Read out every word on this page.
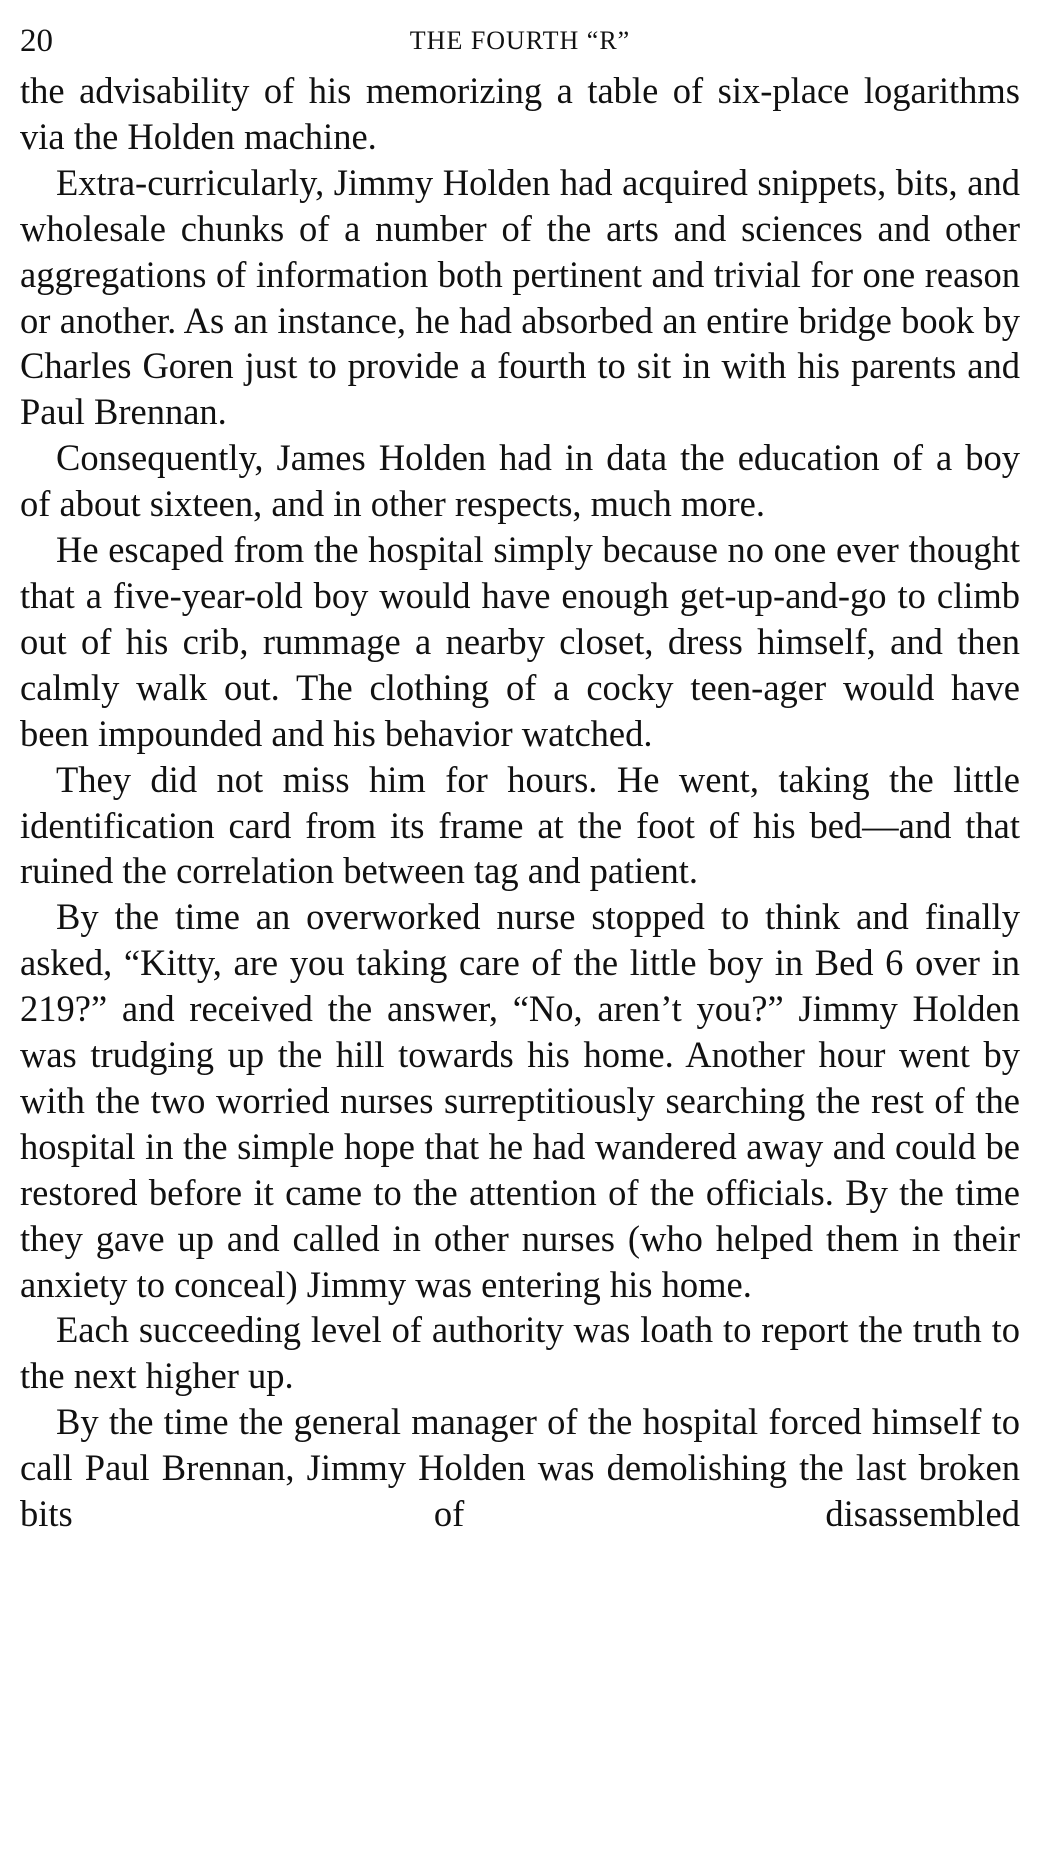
20	THE FOURTH “R”

the advisability of his memorizing a table of six-place logarithms via the Holden machine.

Extra-curricularly, Jimmy Holden had acquired snippets, bits, and wholesale chunks of a number of the arts and sciences and other aggregations of information both pertinent and trivial for one reason or another. As an instance, he had absorbed an entire bridge book by Charles Goren just to provide a fourth to sit in with his parents and Paul Brennan.

Consequently, James Holden had in data the education of a boy of about sixteen, and in other respects, much more.

He escaped from the hospital simply because no one ever thought that a five-year-old boy would have enough get-up-and-go to climb out of his crib, rummage a nearby closet, dress himself, and then calmly walk out. The clothing of a cocky teen-ager would have been impounded and his behavior watched.

They did not miss him for hours. He went, taking the little identification card from its frame at the foot of his bed—and that ruined the correlation between tag and patient.

By the time an overworked nurse stopped to think and finally asked, “Kitty, are you taking care of the little boy in Bed 6 over in 219?” and received the answer, “No, aren’t you?” Jimmy Holden was trudging up the hill towards his home. Another hour went by with the two worried nurses surreptitiously searching the rest of the hospital in the simple hope that he had wandered away and could be restored before it came to the attention of the officials. By the time they gave up and called in other nurses (who helped them in their anxiety to conceal) Jimmy was entering his home.

Each succeeding level of authority was loath to report the truth to the next higher up.

By the time the general manager of the hospital forced himself to call Paul Brennan, Jimmy Holden was demolishing the last broken bits of disassembled
